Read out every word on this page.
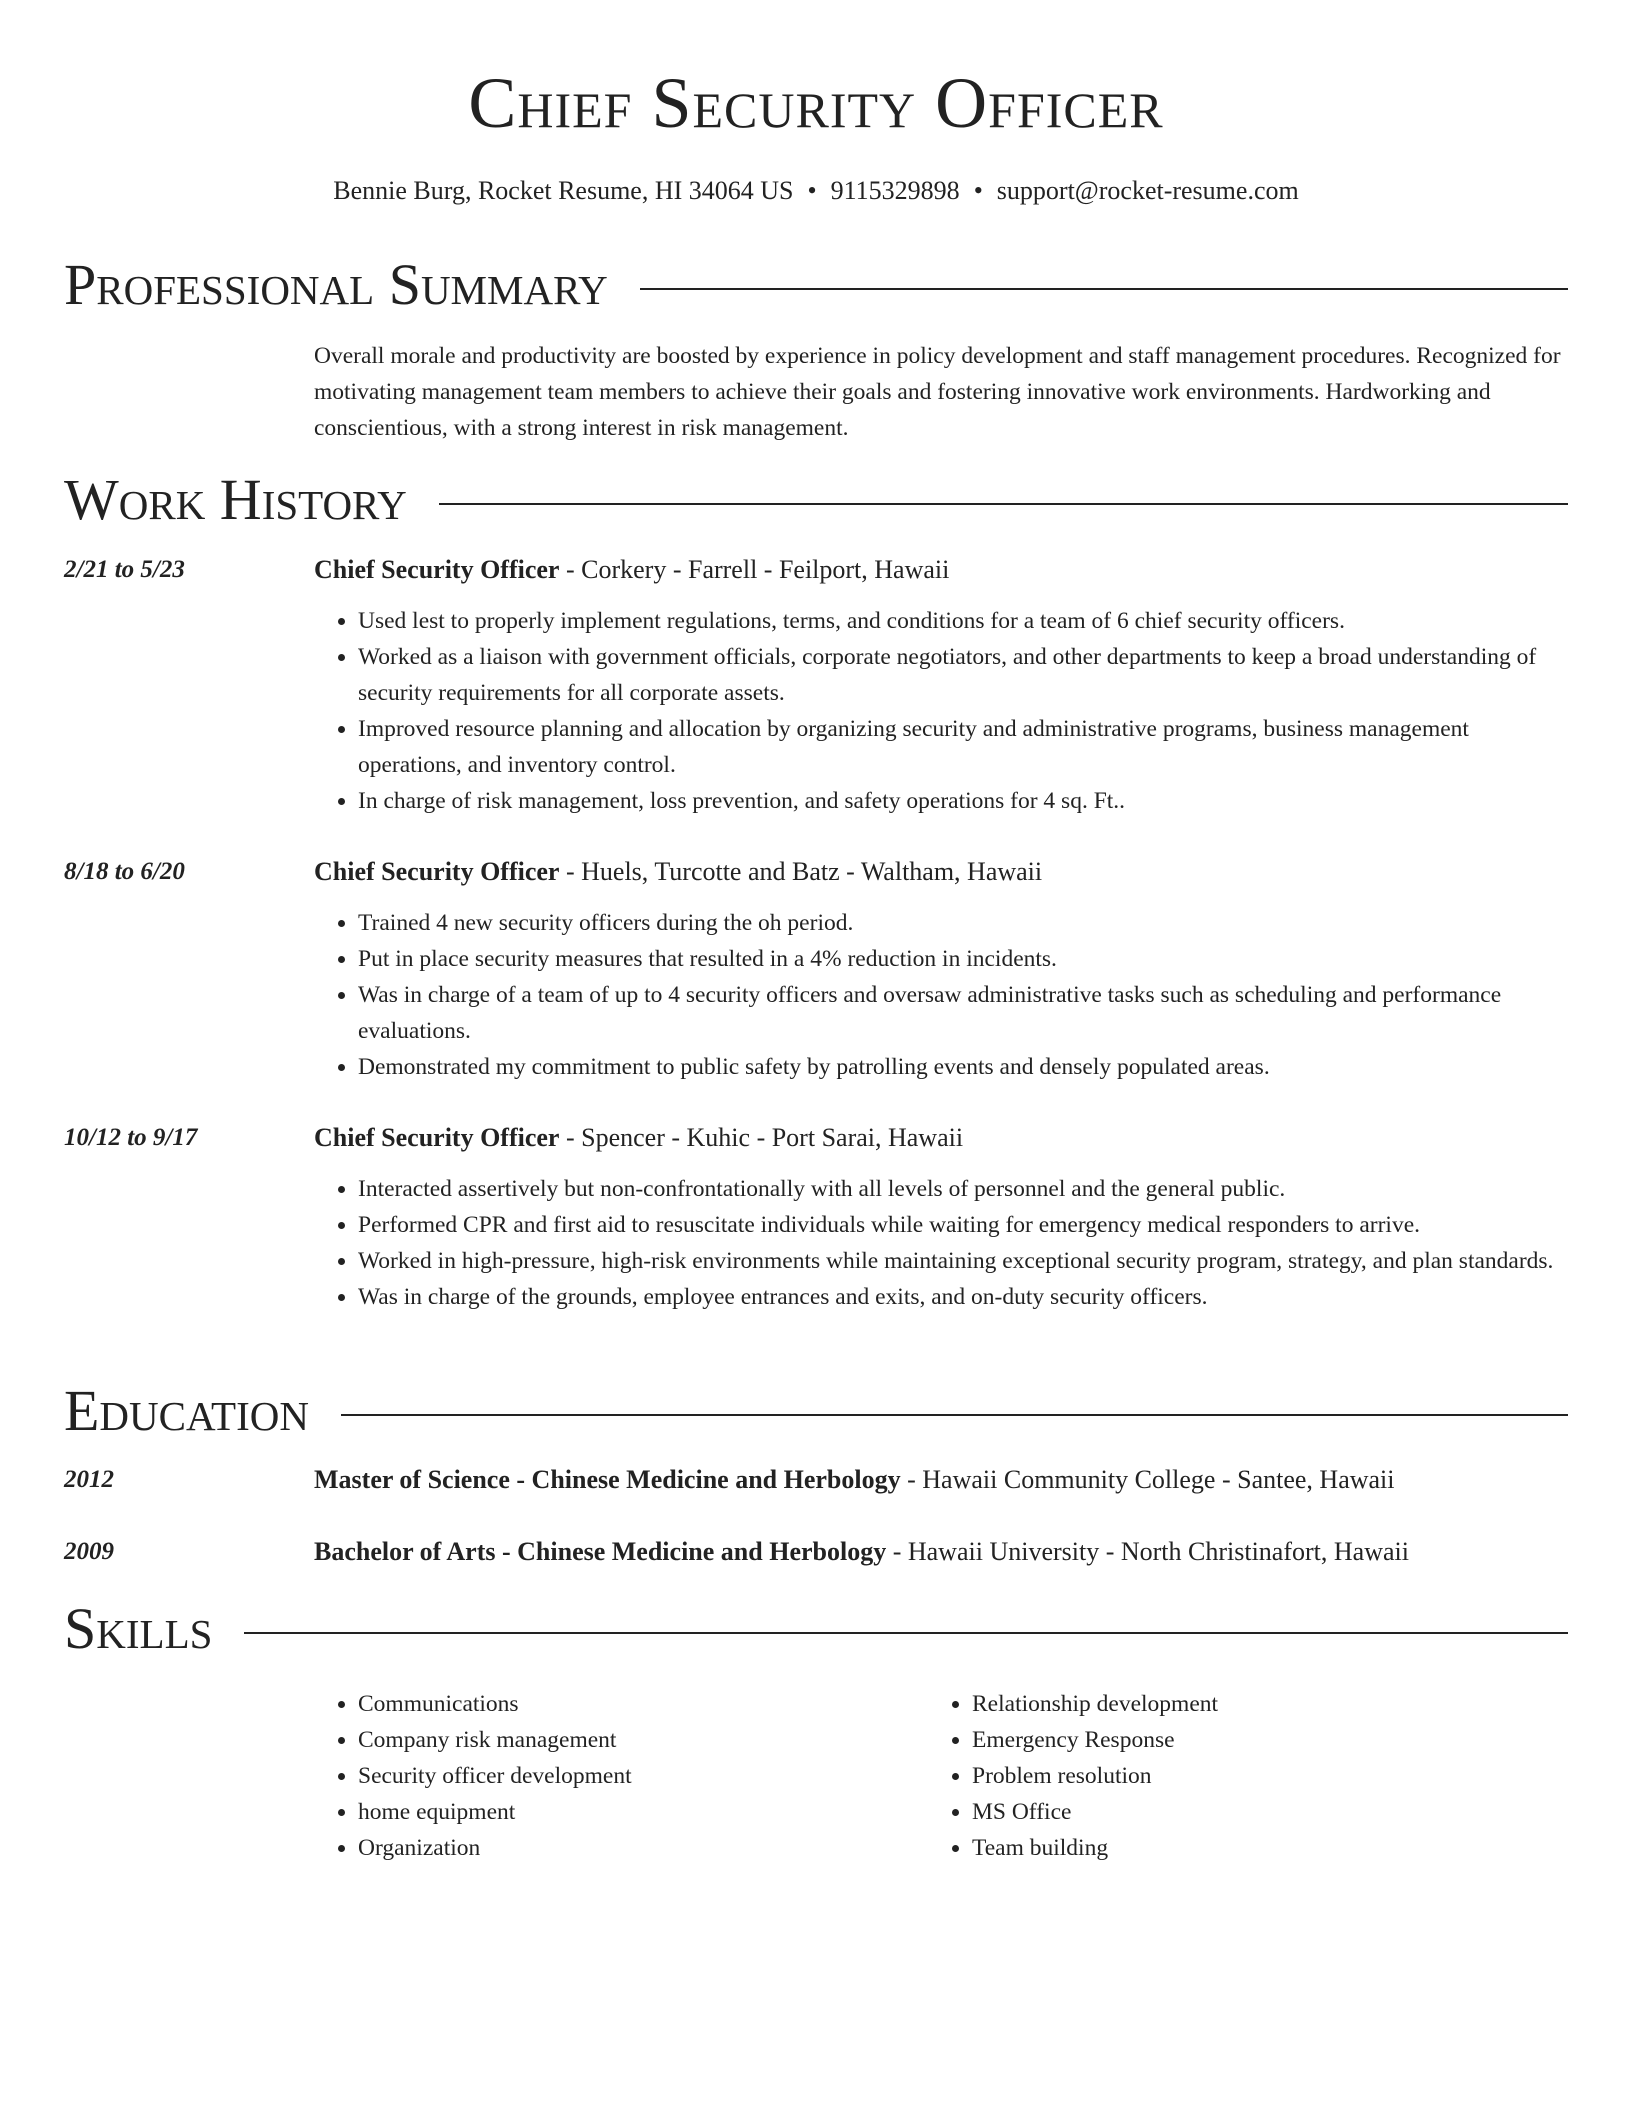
Chief Security Officer
Bennie Burg, Rocket Resume, HI 34064 US • 9115329898 • support@rocket-resume.com
Professional Summary

Overall morale and productivity are boosted by experience in policy development and staff management procedures. Recognized for motivating management team members to achieve their goals and fostering innovative work environments. Hardworking and conscientious, with a strong interest in risk management.

Work History
2/21 to 5/23	Chief Security Officer - Corkery - Farrell - Feilport, Hawaii
• Used lest to properly implement regulations, terms, and conditions for a team of 6 chief security officers.
• Worked as a liaison with government officials, corporate negotiators, and other departments to keep a broad understanding of security requirements for all corporate assets.
• Improved resource planning and allocation by organizing security and administrative programs, business management operations, and inventory control.
• In charge of risk management, loss prevention, and safety operations for 4 sq. Ft..
8/18 to 6/20	Chief Security Officer - Huels, Turcotte and Batz - Waltham, Hawaii
• Trained 4 new security officers during the oh period.
• Put in place security measures that resulted in a 4% reduction in incidents.
• Was in charge of a team of up to 4 security officers and oversaw administrative tasks such as scheduling and performance evaluations.
• Demonstrated my commitment to public safety by patrolling events and densely populated areas.
10/12 to 9/17	Chief Security Officer - Spencer - Kuhic - Port Sarai, Hawaii
• Interacted assertively but non-confrontationally with all levels of personnel and the general public.
• Performed CPR and first aid to resuscitate individuals while waiting for emergency medical responders to arrive.
• Worked in high-pressure, high-risk environments while maintaining exceptional security program, strategy, and plan standards.
• Was in charge of the grounds, employee entrances and exits, and on-duty security officers.
Education
2012	Master of Science - Chinese Medicine and Herbology - Hawaii Community College - Santee, Hawaii
2009	Bachelor of Arts - Chinese Medicine and Herbology - Hawaii University - North Christinafort, Hawaii
Skills
• Communications
• Company risk management
• Security officer development
• home equipment
• Organization
• Relationship development
• Emergency Response
• Problem resolution
• MS Office
• Team building
